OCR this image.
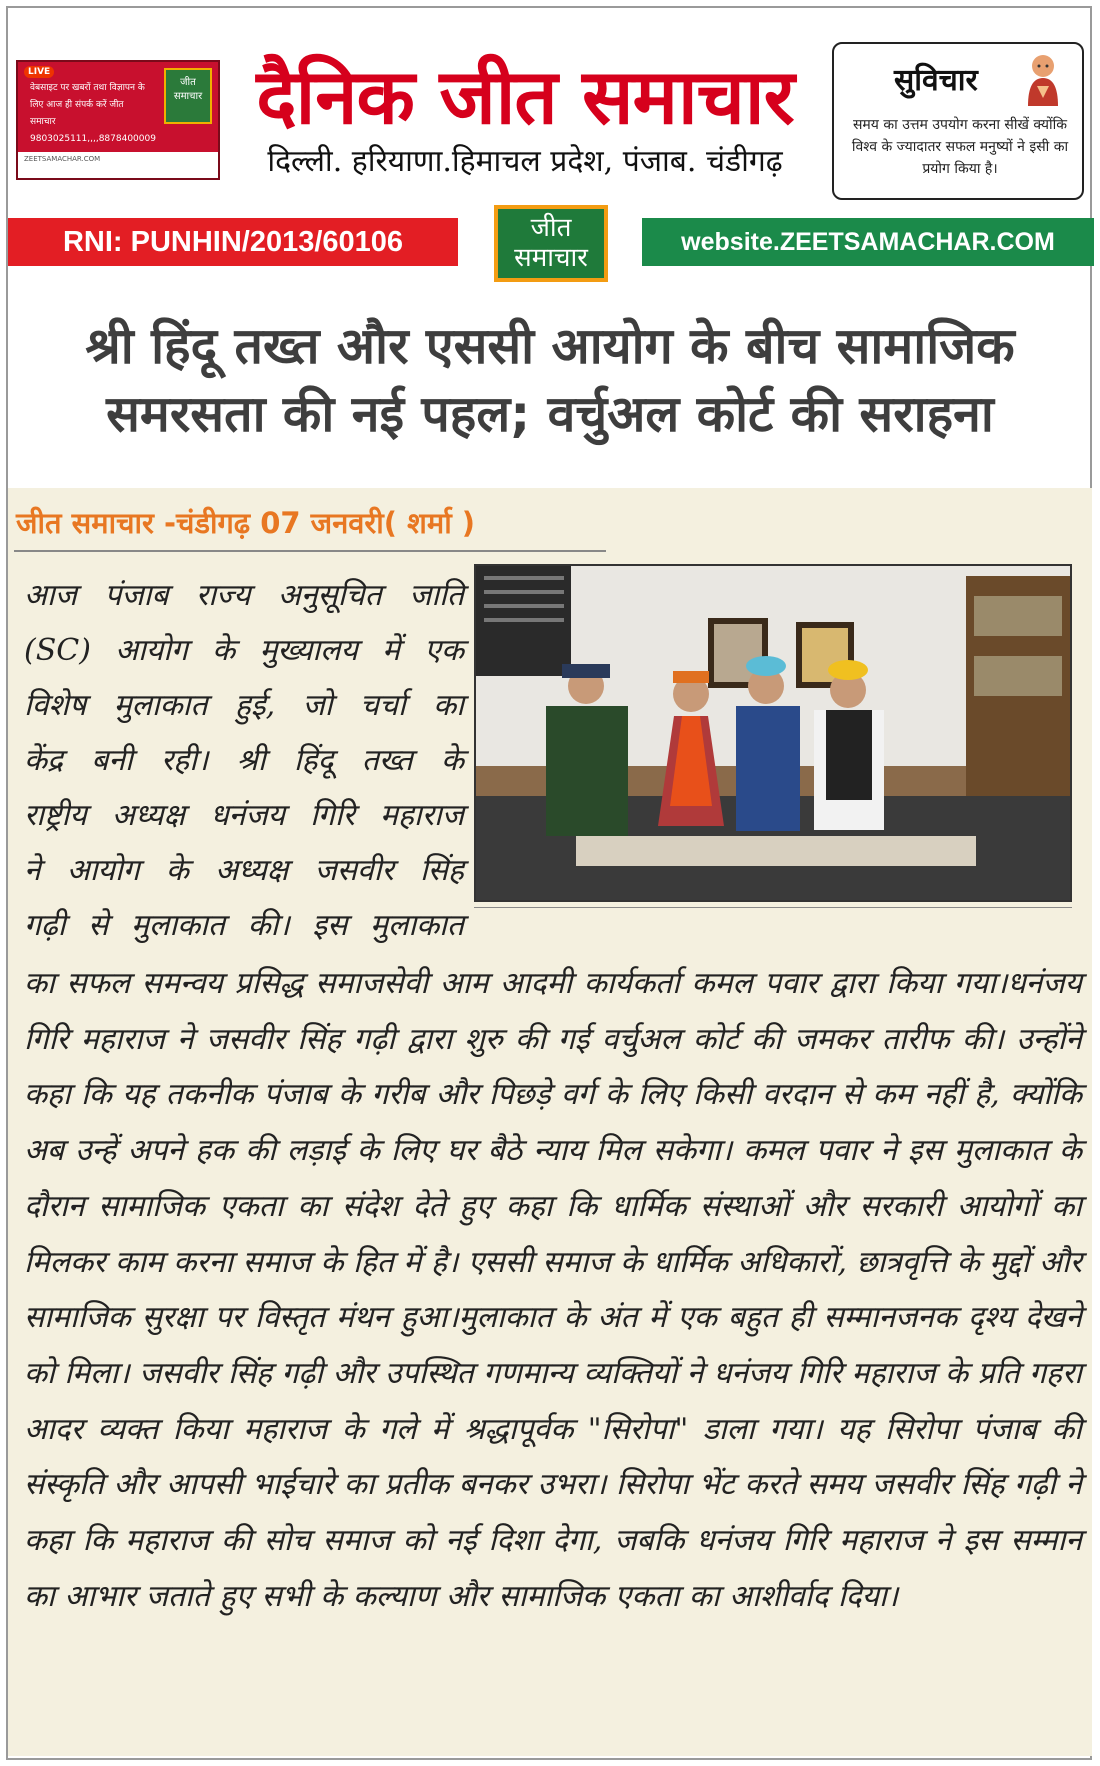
LIVE
वेबसाइट पर खबरों तथा विज्ञापन के लिए आज ही संपर्क करें जीत समाचार 9803025111,,,,8878400009
जीत समाचार
ZEETSAMACHAR.COM
दैनिक जीत समाचार
दिल्ली. हरियाणा.हिमाचल प्रदेश, पंजाब. चंडीगढ़
सुविचार
समय का उत्तम उपयोग करना सीखें क्योंकि विश्व के ज्यादातर सफल मनुष्यों ने इसी का प्रयोग किया है।
RNI: PUNHIN/2013/60106	जीत
समाचार
website.ZEETSAMACHAR.COM
श्री हिंदू तख्त और एससी आयोग के बीच सामाजिक समरसता की नई पहल; वर्चुअल कोर्ट की सराहना
जीत समाचार -चंडीगढ़ 07 जनवरी( शर्मा )
आज पंजाब राज्य अनुसूचित जाति
(SC) आयोग के मुख्यालय में एक
विशेष मुलाकात हुई, जो चर्चा का
केंद्र बनी रही। श्री हिंदू तख्त के
राष्ट्रीय अध्यक्ष धनंजय गिरि महाराज
ने आयोग के अध्यक्ष जसवीर सिंह
गढ़ी से मुलाकात की। इस मुलाकात
का सफल समन्वय प्रसिद्ध समाजसेवी आम आदमी कार्यकर्ता कमल पवार द्वारा किया गया।धनंजय गिरि महाराज ने जसवीर सिंह गढ़ी द्वारा शुरु की गई वर्चुअल कोर्ट की जमकर तारीफ की। उन्होंने कहा कि यह तकनीक पंजाब के गरीब और पिछड़े वर्ग के लिए किसी वरदान से कम नहीं है, क्योंकि अब उन्हें अपने हक की लड़ाई के लिए घर बैठे न्याय मिल सकेगा। कमल पवार ने इस मुलाकात के दौरान सामाजिक एकता का संदेश देते हुए कहा कि धार्मिक संस्थाओं और सरकारी आयोगों का मिलकर काम करना समाज के हित में है। एससी समाज के धार्मिक अधिकारों, छात्रवृत्ति के मुद्दों और सामाजिक सुरक्षा पर विस्तृत मंथन हुआ।मुलाकात के अंत में एक बहुत ही सम्मानजनक दृश्य देखने को मिला। जसवीर सिंह गढ़ी और उपस्थित गणमान्य व्यक्तियों ने धनंजय गिरि महाराज के प्रति गहरा आदर व्यक्त किया महाराज के गले में श्रद्धापूर्वक "सिरोपा" डाला गया। यह सिरोपा पंजाब की संस्कृति और आपसी भाईचारे का प्रतीक बनकर उभरा। सिरोपा भेंट करते समय जसवीर सिंह गढ़ी ने कहा कि महाराज की सोच समाज को नई दिशा देगा, जबकि धनंजय गिरि महाराज ने इस सम्मान का आभार जताते हुए सभी के कल्याण और सामाजिक एकता का आशीर्वाद दिया।
